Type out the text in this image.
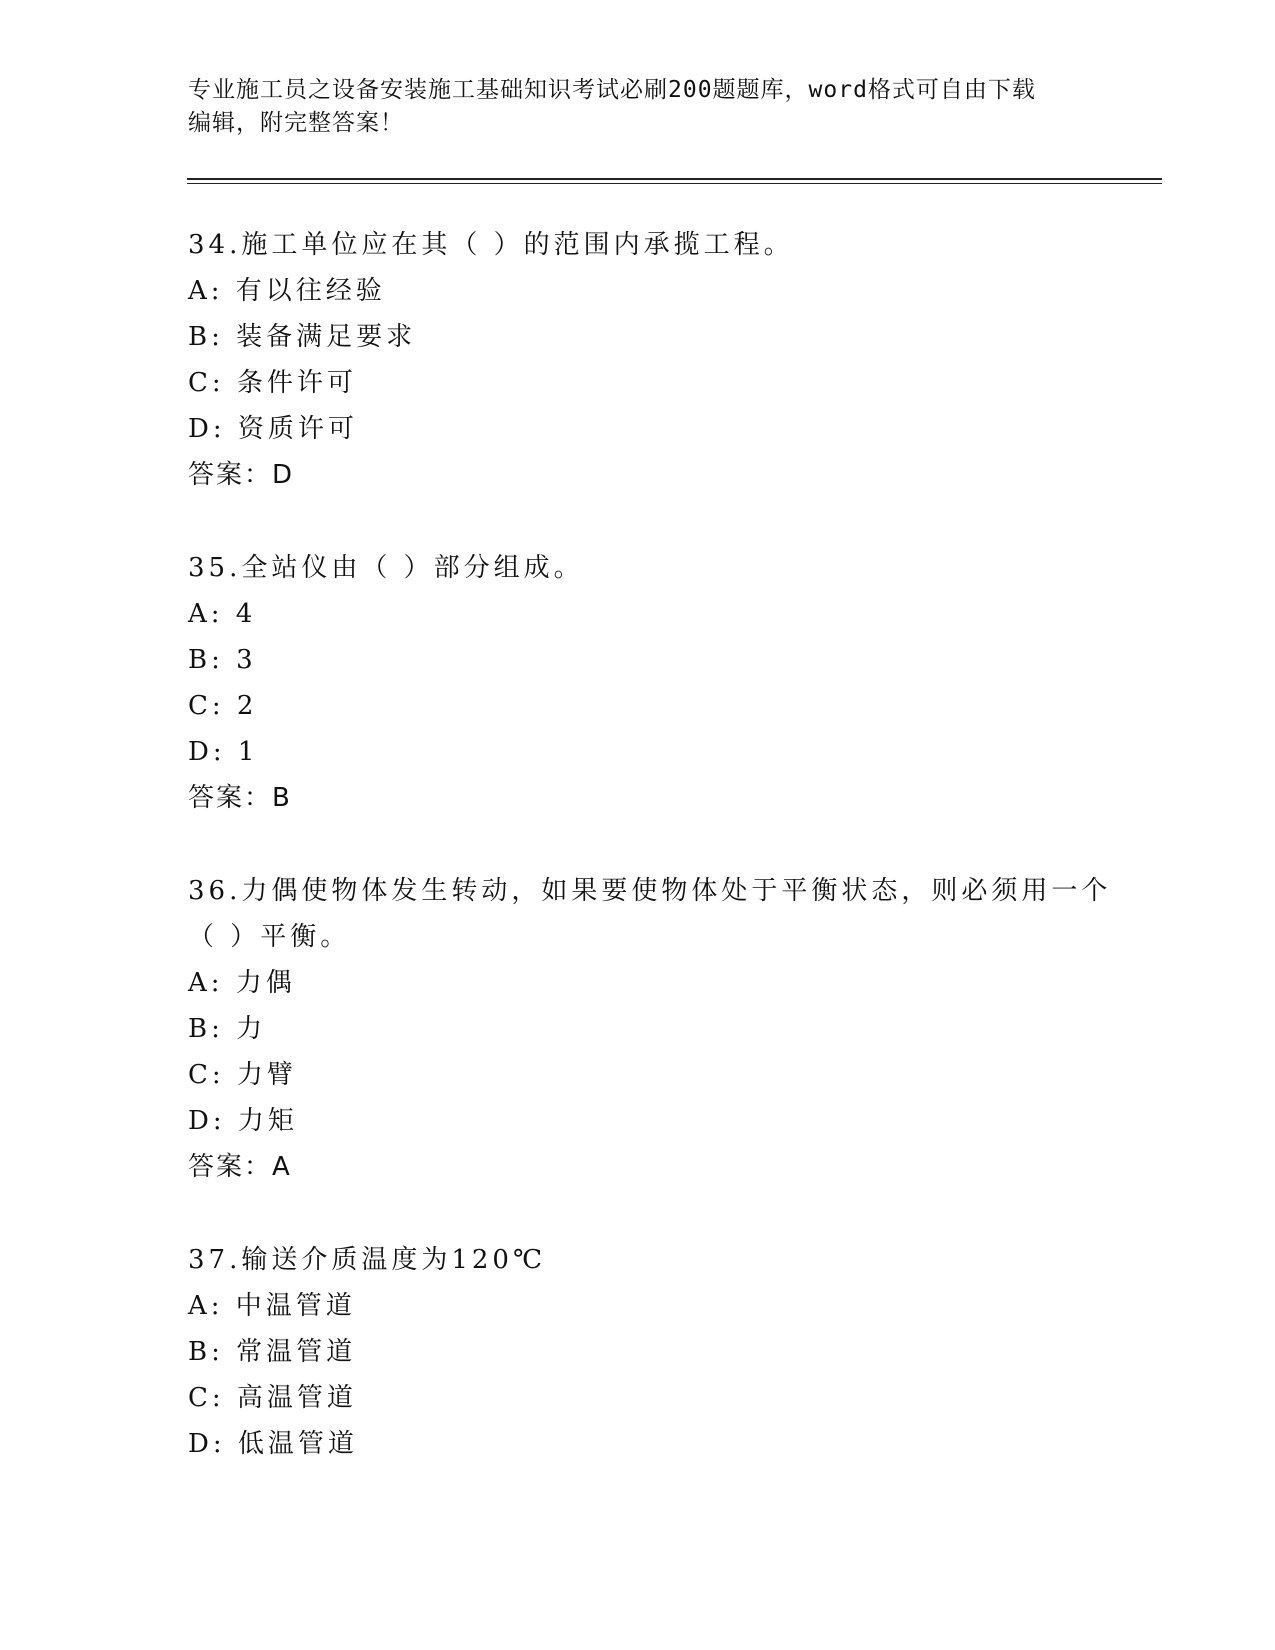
专业施工员之设备安装施工基础知识考试必刷200题题库，word格式可自由下载
编辑，附完整答案！
34.施工单位应在其（ ）的范围内承揽工程。
A: 有以往经验
B: 装备满足要求
C: 条件许可
D: 资质许可
答案：D
35.全站仪由（ ）部分组成。
A: 4
B: 3
C: 2
D: 1
答案：B
36.力偶使物体发生转动，如果要使物体处于平衡状态，则必须用一个
（ ）平衡。
A: 力偶
B: 力
C: 力臂
D: 力矩
答案：A
37.输送介质温度为120℃
A: 中温管道
B: 常温管道
C: 高温管道
D: 低温管道
